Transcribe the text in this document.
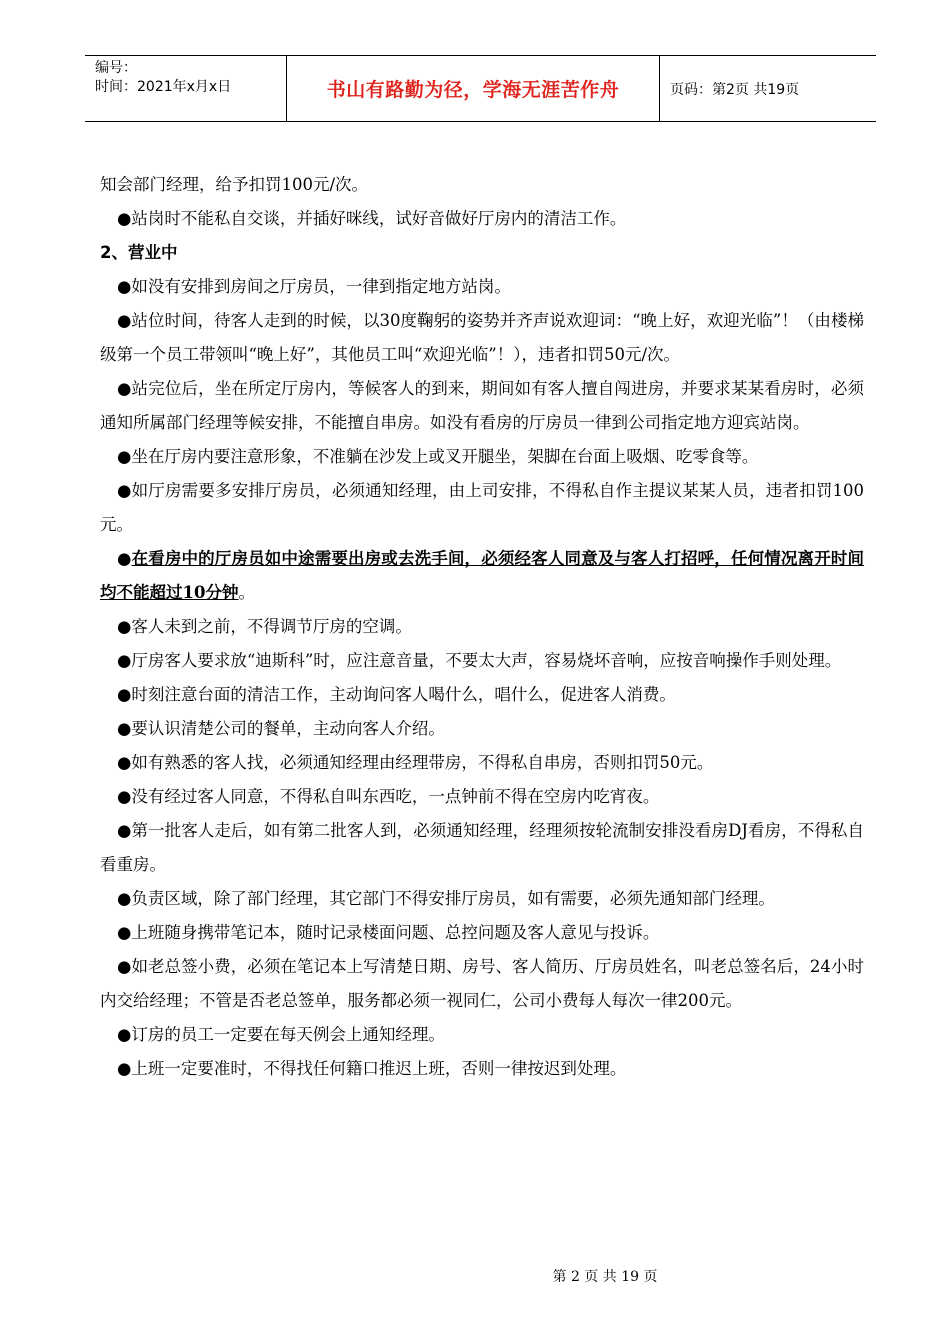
编号：
时间：2021年x月x日	书山有路勤为径，学海无涯苦作舟	页码：第2页 共19页

知会部门经理，给予扣罚100元/次。

●站岗时不能私自交谈，并插好咪线，试好音做好厅房内的清洁工作。

2、营业中

●如没有安排到房间之厅房员，一律到指定地方站岗。

●站位时间，待客人走到的时候，以30度鞠躬的姿势并齐声说欢迎词：“晚上好，欢迎光临”！（由楼梯级第一个员工带领叫“晚上好”，其他员工叫“欢迎光临”！），违者扣罚50元/次。

●站完位后，坐在所定厅房内，等候客人的到来，期间如有客人擅自闯进房，并要求某某看房时，必须通知所属部门经理等候安排，不能擅自串房。如没有看房的厅房员一律到公司指定地方迎宾站岗。

●坐在厅房内要注意形象，不准躺在沙发上或叉开腿坐，架脚在台面上吸烟、吃零食等。

●如厅房需要多安排厅房员，必须通知经理，由上司安排，不得私自作主提议某某人员，违者扣罚100元。

●在看房中的厅房员如中途需要出房或去洗手间，必须经客人同意及与客人打招呼，任何情况离开时间均不能超过10分钟。

●客人未到之前，不得调节厅房的空调。

●厅房客人要求放“迪斯科”时，应注意音量，不要太大声，容易烧坏音响，应按音响操作手则处理。

●时刻注意台面的清洁工作，主动询问客人喝什么，唱什么，促进客人消费。

●要认识清楚公司的餐单，主动向客人介绍。

●如有熟悉的客人找，必须通知经理由经理带房，不得私自串房，否则扣罚50元。

●没有经过客人同意，不得私自叫东西吃，一点钟前不得在空房内吃宵夜。

●第一批客人走后，如有第二批客人到，必须通知经理，经理须按轮流制安排没看房DJ看房，不得私自看重房。

●负责区域，除了部门经理，其它部门不得安排厅房员，如有需要，必须先通知部门经理。

●上班随身携带笔记本，随时记录楼面问题、总控问题及客人意见与投诉。

●如老总签小费，必须在笔记本上写清楚日期、房号、客人简历、厅房员姓名，叫老总签名后，24小时内交给经理；不管是否老总签单，服务都必须一视同仁，公司小费每人每次一律200元。

●订房的员工一定要在每天例会上通知经理。

●上班一定要准时，不得找任何籍口推迟上班，否则一律按迟到处理。

第 2 页 共 19 页
